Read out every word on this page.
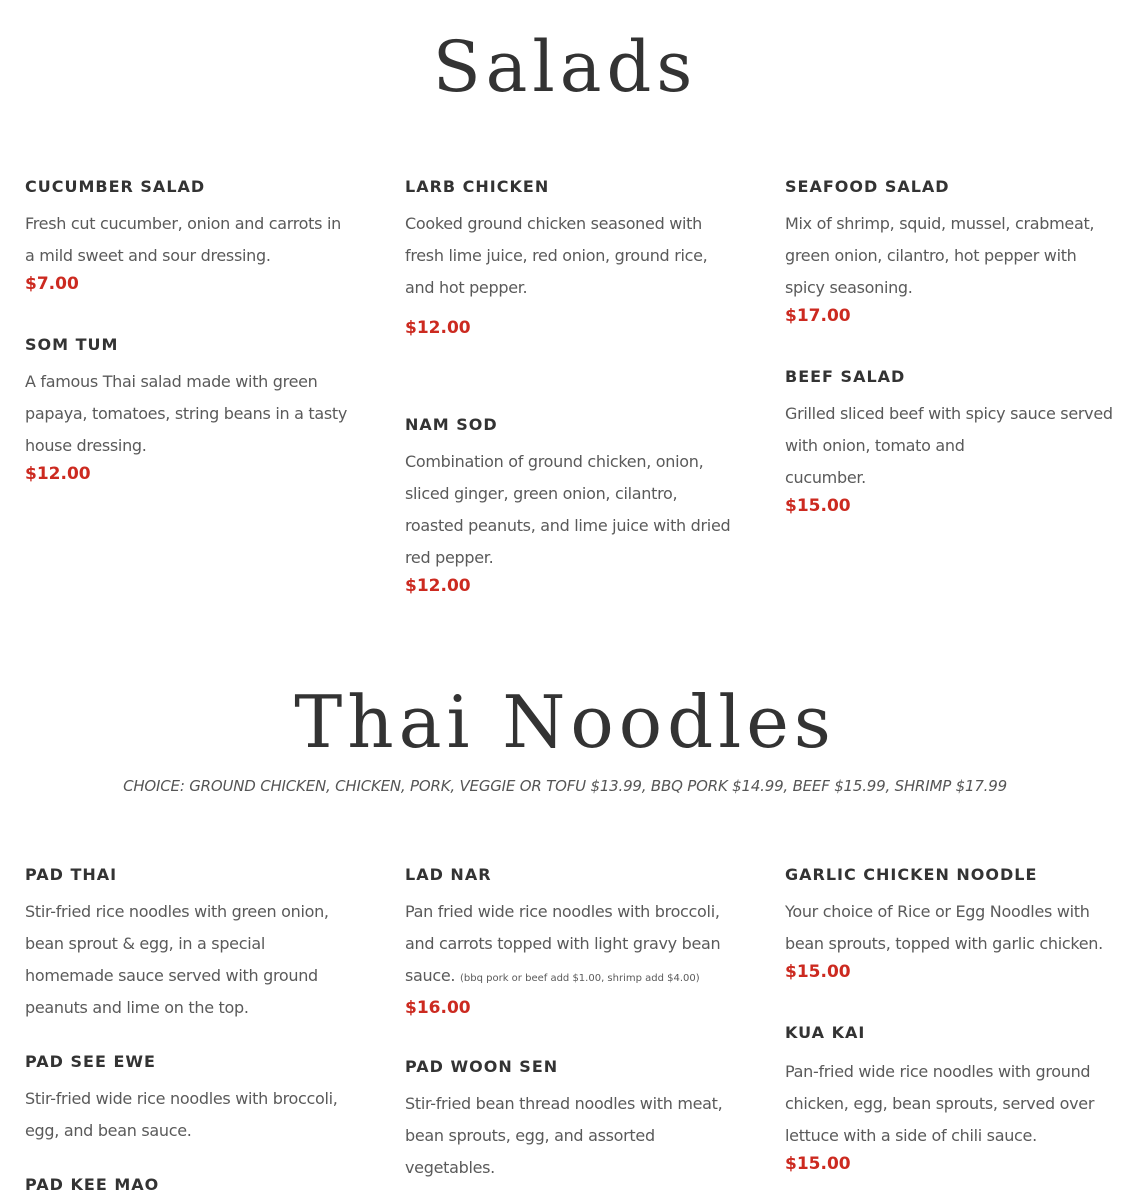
Salads

CUCUMBER SALAD

Fresh cut cucumber, onion and carrots in a mild sweet and sour dressing.

$7.00

SOM TUM

A famous Thai salad made with green papaya, tomatoes, string beans in a tasty house dressing.

$12.00

LARB CHICKEN

Cooked ground chicken seasoned with fresh lime juice, red onion, ground rice, and hot pepper.

$12.00

NAM SOD

Combination of ground chicken, onion, sliced ginger, green onion, cilantro, roasted peanuts, and lime juice with dried red pepper.

$12.00

SEAFOOD SALAD

Mix of shrimp, squid, mussel, crabmeat, green onion, cilantro, hot pepper with spicy seasoning.

$17.00

BEEF SALAD

Grilled sliced beef with spicy sauce served with onion, tomato and
cucumber.

$15.00

Thai Noodles
CHOICE: GROUND CHICKEN, CHICKEN, PORK, VEGGIE OR TOFU $13.99, BBQ PORK $14.99, BEEF $15.99, SHRIMP $17.99

PAD THAI

Stir-fried rice noodles with green onion, bean sprout & egg, in a special homemade sauce served with ground peanuts and lime on the top.

PAD SEE EWE

Stir-fried wide rice noodles with broccoli, egg, and bean sauce.

PAD KEE MAO

LAD NAR

Pan fried wide rice noodles with broccoli, and carrots topped with light gravy bean sauce. (bbq pork or beef add $1.00, shrimp add $4.00)

$16.00

PAD WOON SEN

Stir-fried bean thread noodles with meat, bean sprouts, egg, and assorted vegetables.

GARLIC CHICKEN NOODLE

Your choice of Rice or Egg Noodles with bean sprouts, topped with garlic chicken.

$15.00

KUA KAI

Pan-fried wide rice noodles with ground chicken, egg, bean sprouts, served over lettuce with a side of chili sauce.

$15.00
